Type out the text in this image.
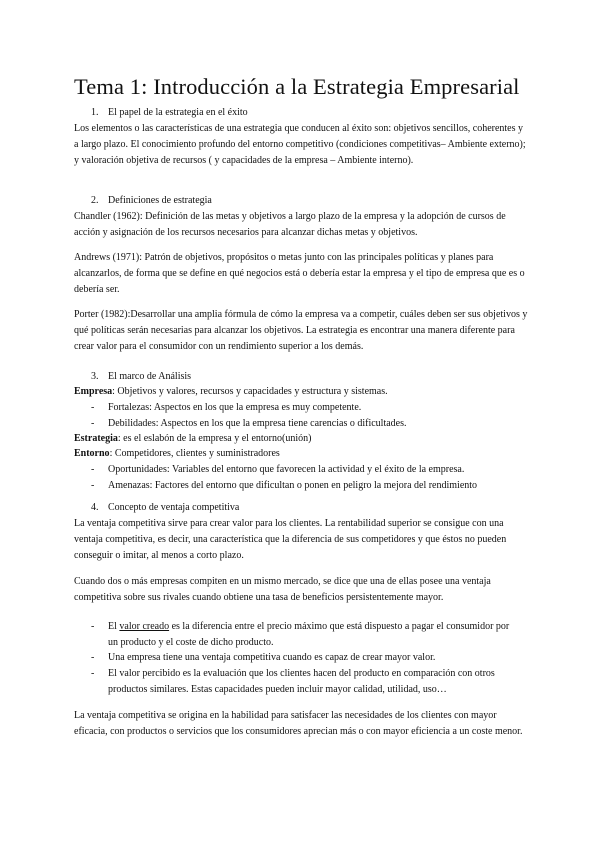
Tema 1: Introducción a la Estrategia Empresarial
1. El papel de la estrategia en el éxito

Los elementos o las características de una estrategia que conducen al éxito son: objetivos sencillos, coherentes y a largo plazo. El conocimiento profundo del entorno competitivo (condiciones competitivas– Ambiente externo); y valoración objetiva de recursos ( y capacidades de la empresa – Ambiente interno).

2. Definiciones de estrategia

Chandler (1962): Definición de las metas y objetivos a largo plazo de la empresa y la adopción de cursos de acción y asignación de los recursos necesarios para alcanzar dichas metas y objetivos.

Andrews (1971): Patrón de objetivos, propósitos o metas junto con las principales políticas y planes para alcanzarlos, de forma que se define en qué negocios está o debería estar la empresa y el tipo de empresa que es o debería ser.

Porter (1982):Desarrollar una amplia fórmula de cómo la empresa va a competir, cuáles deben ser sus objetivos y qué políticas serán necesarias para alcanzar los objetivos. La estrategia es encontrar una manera diferente para crear valor para el consumidor con un rendimiento superior a los demás.

3. El marco de Análisis

Empresa: Objetivos y valores, recursos y capacidades y estructura y sistemas.

- Fortalezas: Aspectos en los que la empresa es muy competente.
- Debilidades: Aspectos en los que la empresa tiene carencias o dificultades.

Estrategia: es el eslabón de la empresa y el entorno(unión)

Entorno: Competidores, clientes y suministradores

- Oportunidades: Variables del entorno que favorecen la actividad y el éxito de la empresa.
- Amenazas: Factores del entorno que dificultan o ponen en peligro la mejora del rendimiento
4. Concepto de ventaja competitiva

La ventaja competitiva sirve para crear valor para los clientes. La rentabilidad superior se consigue con una ventaja competitiva, es decir, una característica que la diferencia de sus competidores y que éstos no pueden conseguir o imitar, al menos a corto plazo.

Cuando dos o más empresas compiten en un mismo mercado, se dice que una de ellas posee una ventaja competitiva sobre sus rivales cuando obtiene una tasa de beneficios persistentemente mayor.

- El valor creado es la diferencia entre el precio máximo que está dispuesto a pagar el consumidor por un producto y el coste de dicho producto.
- Una empresa tiene una ventaja competitiva cuando es capaz de crear mayor valor.
- El valor percibido es la evaluación que los clientes hacen del producto en comparación con otros productos similares. Estas capacidades pueden incluir mayor calidad, utilidad, uso…

La ventaja competitiva se origina en la habilidad para satisfacer las necesidades de los clientes con mayor eficacia, con productos o servicios que los consumidores aprecian más o con mayor eficiencia a un coste menor.
